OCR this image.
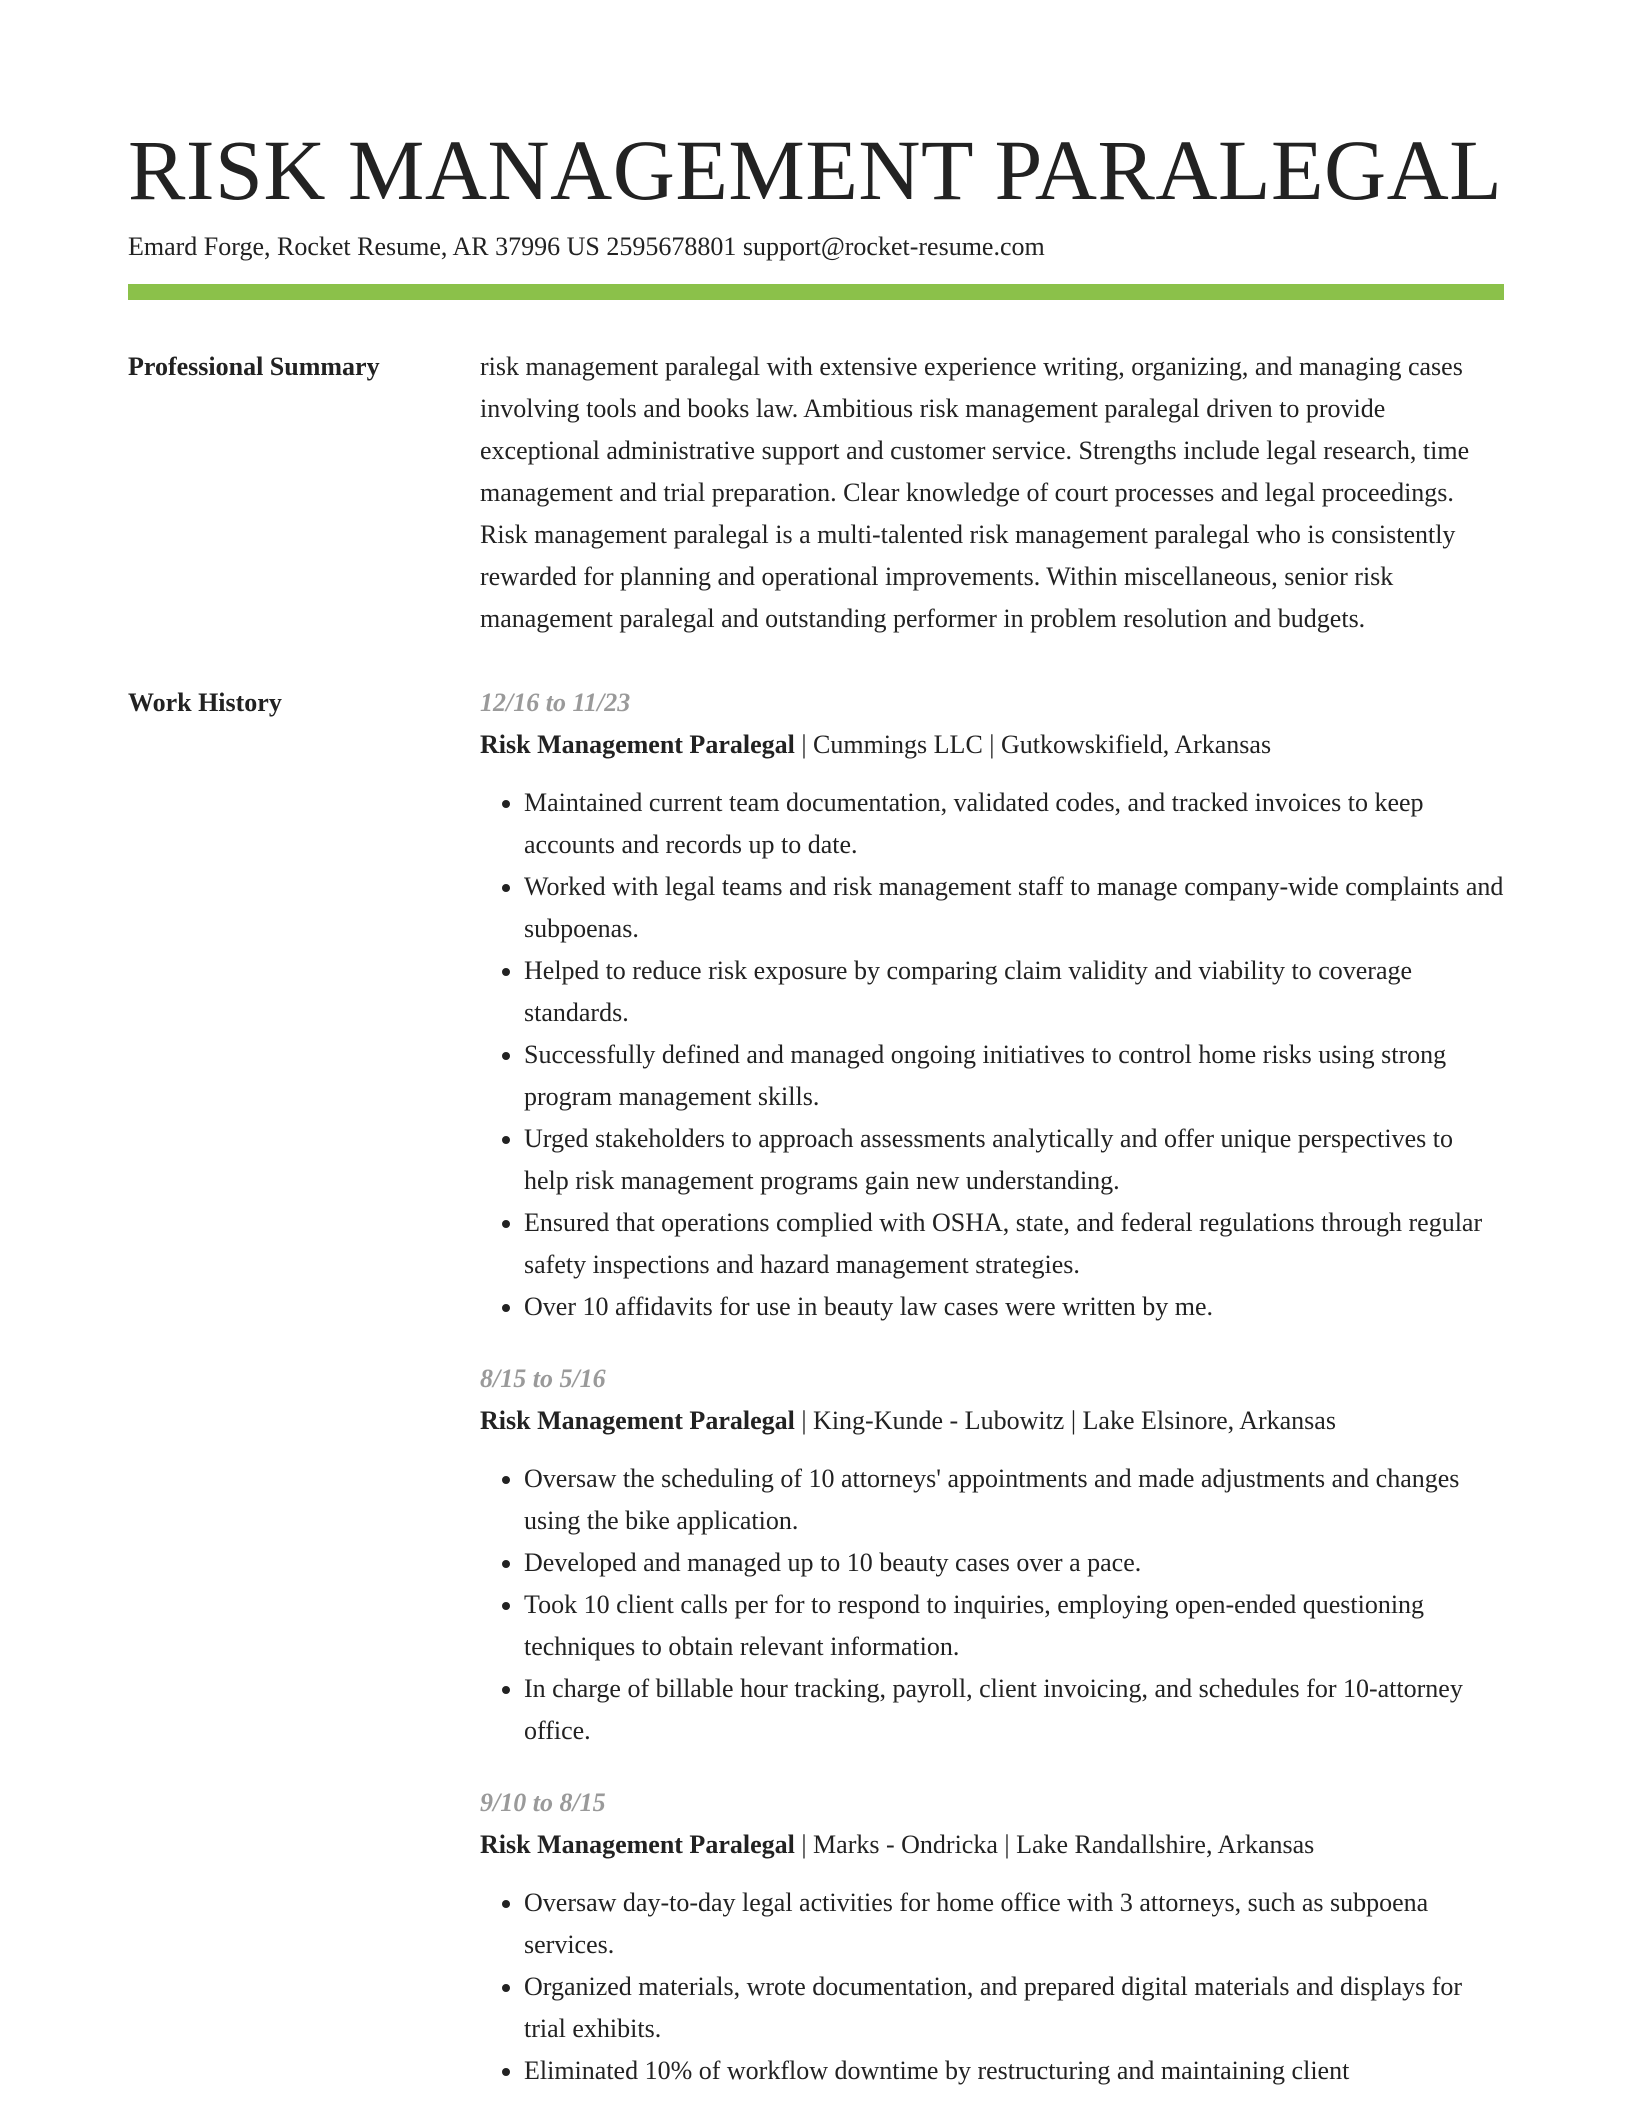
RISK MANAGEMENT PARALEGAL
Emard Forge, Rocket Resume, AR 37996 US 2595678801 support@rocket-resume.com
Professional Summary	risk management paralegal with extensive experience writing, organizing, and managing cases involving tools and books law. Ambitious risk management paralegal driven to provide exceptional administrative support and customer service. Strengths include legal research, time management and trial preparation. Clear knowledge of court processes and legal proceedings. Risk management paralegal is a multi-talented risk management paralegal who is consistently rewarded for planning and operational improvements. Within miscellaneous, senior risk management paralegal and outstanding performer in problem resolution and budgets.
Work History	12/16 to 11/23
Risk Management Paralegal | Cummings LLC | Gutkowskifield, Arkansas
• Maintained current team documentation, validated codes, and tracked invoices to keep accounts and records up to date.
• Worked with legal teams and risk management staff to manage company-wide complaints and subpoenas.
• Helped to reduce risk exposure by comparing claim validity and viability to coverage standards.
• Successfully defined and managed ongoing initiatives to control home risks using strong program management skills.
• Urged stakeholders to approach assessments analytically and offer unique perspectives to help risk management programs gain new understanding.
• Ensured that operations complied with OSHA, state, and federal regulations through regular safety inspections and hazard management strategies.
• Over 10 affidavits for use in beauty law cases were written by me.
8/15 to 5/16
Risk Management Paralegal | King-Kunde - Lubowitz | Lake Elsinore, Arkansas
• Oversaw the scheduling of 10 attorneys' appointments and made adjustments and changes using the bike application.
• Developed and managed up to 10 beauty cases over a pace.
• Took 10 client calls per for to respond to inquiries, employing open-ended questioning techniques to obtain relevant information.
• In charge of billable hour tracking, payroll, client invoicing, and schedules for 10-attorney office.
9/10 to 8/15
Risk Management Paralegal | Marks - Ondricka | Lake Randallshire, Arkansas
• Oversaw day-to-day legal activities for home office with 3 attorneys, such as subpoena services.
• Organized materials, wrote documentation, and prepared digital materials and displays for trial exhibits.
• Eliminated 10% of workflow downtime by restructuring and maintaining client
